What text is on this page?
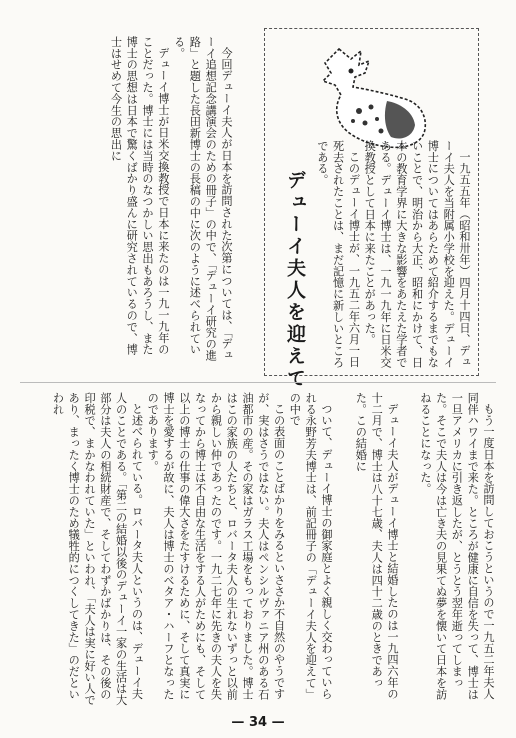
今回デューイ夫人が日本を訪問された次第については、「デューイ追想記念講演会のための冊子」の中で、「デューイ研究の進路」と題した長田新博士の長稿の中に次のように述べられている。

デューイ博士が日米交換教授で日本に来たのは一九一九年のことだった。博士には当時のなつかしい思出もあろうし、また博士の思想は日本で驚くばかり盛んに研究されているので、博士はせめて今生の思出に

デューイ夫人を迎えて	一九五五年（昭和卅年）四月十四日、デューイ夫人を当附属小学校を迎えた。デューイ博士についてはあらためて紹介するまでもないことで、明治から大正、昭和にかけて、日本の教育学界に大きな影響をあたえた学者である。デューイ博士は、一九一九年に日米交換教授として日本に来たことがあった。

このデューイ博士が、一九五二年六月一日死去されたことは、まだ記憶に新しいところである。

もう一度日本を訪問しておこうというので一九五二年夫人同伴ハワイまで来た。ところが健康に自信を失って、博士は一旦アメリカに引き返したが、とうとう翌年逝ってしまった。そこで夫人は今は亡き夫の見果てぬ夢を懐いて日本を訪ねることになった。

デューイ夫人がデューイ博士と結婚したのは一九四六年の十二月で、博士は八十七歳、夫人は四十二歳のときであった。この結婚に

ついて、デューイ博士の御家庭とよく親しく交わっていられる永野芳夫博士は、前記冊子の「デューイ夫人を迎えて」の中で

この表面のことばかりをみるといささか不自然のやうですが、実はさうではない。夫人はペンシルヴァニア州のある石油都市の産。その家はガラス工場をもっておりました。博士はこの家族の人たちと、ロバータ夫人の生れないずっと以前から親しい仲であったのです。一九二七年に先きの夫人を失なってから博士は不自由な生活をする人がためにも、そして以上の博士の仕事の偉大さをたすけるために、そして真実に博士を愛するが故に、夫人は博士のベタア・ハーフとなったのであります。

と述べられている。ロバータ夫人というのは、デューイ夫人のことである。「第二の結婚以後のデューイ一家の生活は大部分は夫人の相続財産で、そしてわずかばかりは、その後の印税で、まかなわれていた」といわれ、「夫人は実に好い人であり、まったく博士のため犠牲的につくしてきた」のだといわれ

— 34 —
